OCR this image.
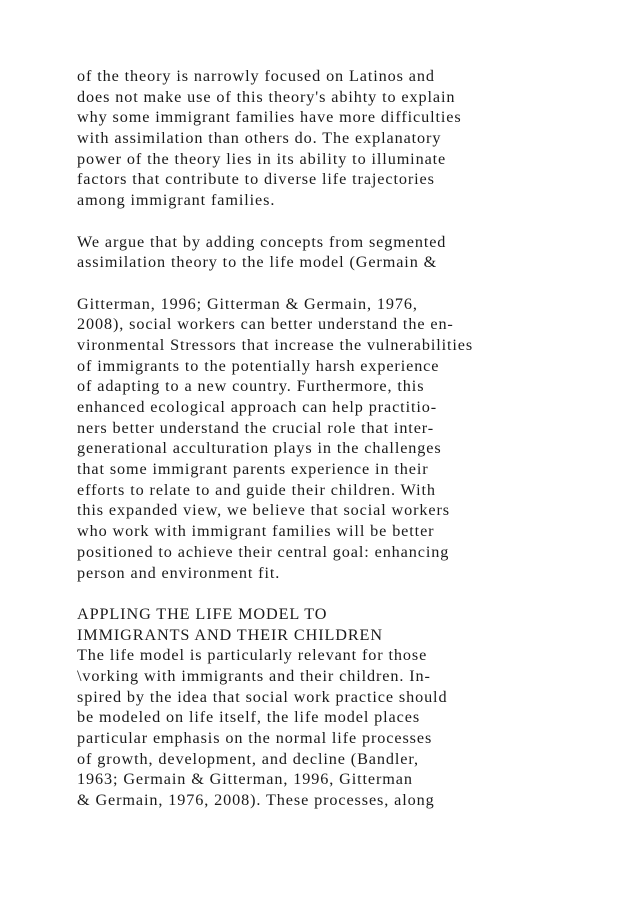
of the theory is narrowly focused on Latinos and
does not make use of this theory's abihty to explain
why some immigrant families have more difficulties
with assimilation than others do. The explanatory
power of the theory lies in its ability to illuminate
factors that contribute to diverse life trajectories
among immigrant families.
We argue that by adding concepts from segmented
assimilation theory to the life model (Germain &
Gitterman, 1996; Gitterman & Germain, 1976,
2008), social workers can better understand the en-
vironmental Stressors that increase the vulnerabilities
of immigrants to the potentially harsh experience
of adapting to a new country. Furthermore, this
enhanced ecological approach can help practitio-
ners better understand the crucial role that inter-
generational acculturation plays in the challenges
that some immigrant parents experience in their
efforts to relate to and guide their children. With
this expanded view, we believe that social workers
who work with immigrant families will be better
positioned to achieve their central goal: enhancing
person and environment fit.
APPLING THE LIFE MODEL TO
IMMIGRANTS AND THEIR CHILDREN
The life model is particularly relevant for those
\vorking with immigrants and their children. In-
spired by the idea that social work practice should
be modeled on life itself, the life model places
particular emphasis on the normal life processes
of growth, development, and decline (Bandler,
1963; Germain & Gitterman, 1996, Gitterman
& Germain, 1976, 2008). These processes, along
